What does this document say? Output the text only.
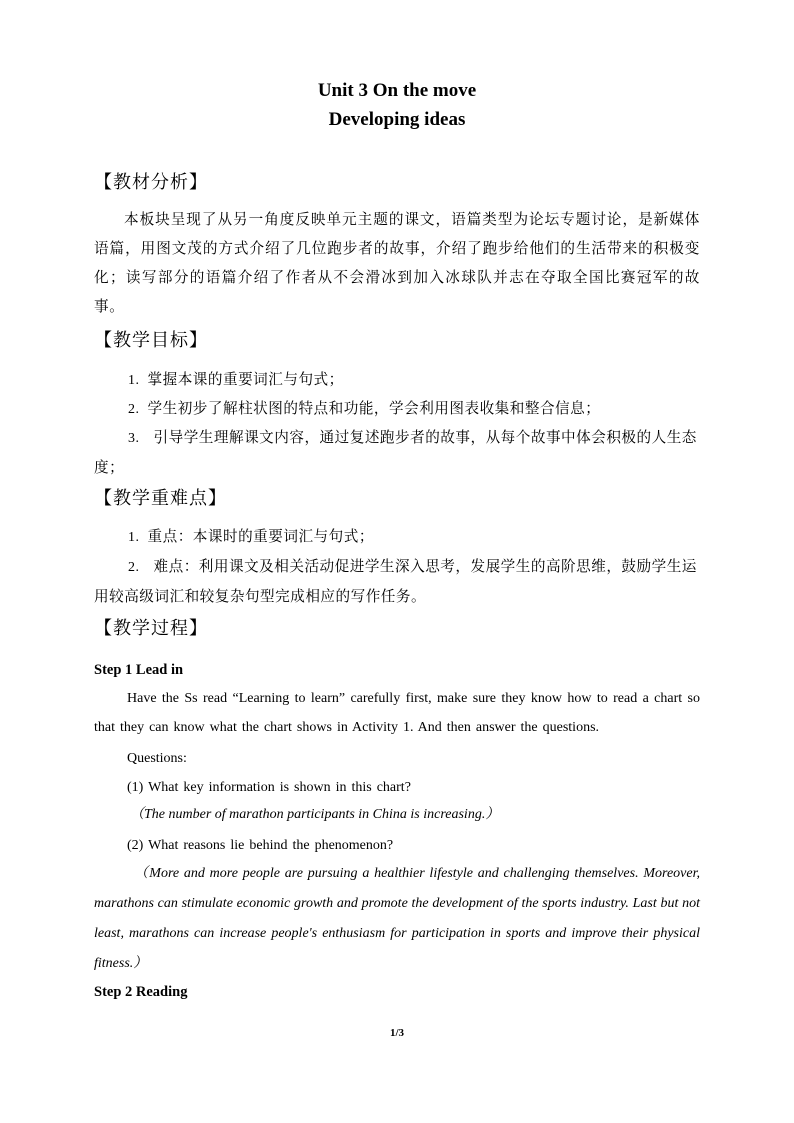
Unit 3 On the move
Developing ideas
【教材分析】
本板块呈现了从另一角度反映单元主题的课文，语篇类型为论坛专题讨论，是新媒体语篇，用图文茂的方式介绍了几位跑步者的故事，介绍了跑步给他们的生活带来的积极变化；读写部分的语篇介绍了作者从不会滑冰到加入冰球队并志在夺取全国比赛冠军的故事。
【教学目标】
1. 掌握本课的重要词汇与句式；
2. 学生初步了解柱状图的特点和功能，学会利用图表收集和整合信息；
3. 引导学生理解课文内容，通过复述跑步者的故事，从每个故事中体会积极的人生态度；
【教学重难点】
1. 重点：本课时的重要词汇与句式；
2. 难点：利用课文及相关活动促进学生深入思考，发展学生的高阶思维，鼓励学生运用较高级词汇和较复杂句型完成相应的写作任务。
【教学过程】
Step 1 Lead in
Have the Ss read “Learning to learn” carefully first, make sure they know how to read a chart so that they can know what the chart shows in Activity 1. And then answer the questions.
Questions:
(1) What key information is shown in this chart?
（The number of marathon participants in China is increasing.）
(2) What reasons lie behind the phenomenon?
（More and more people are pursuing a healthier lifestyle and challenging themselves. Moreover, marathons can stimulate economic growth and promote the development of the sports industry. Last but not least, marathons can increase people's enthusiasm for participation in sports and improve their physical fitness.）
Step 2 Reading
1/3
